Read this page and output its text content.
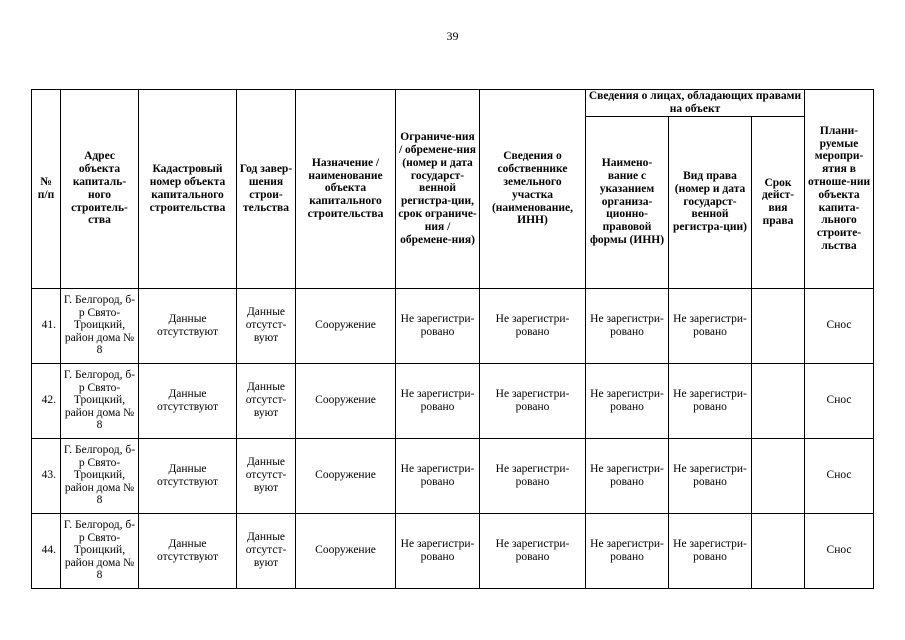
39
№ п/п	Адрес объекта капиталь-ного строитель-ства	Кадастровый номер объекта капитального строительства	Год завер-шения строи-тельства	Назначение / наименование объекта капитального строительства	Ограниче-ния / обремене-ния (номер и дата государст-венной регистра-ции, срок ограниче-ния / обремене-ния)	Сведения о собственнике земельного участка (наименование, ИНН)	Сведения о лицах, обладающих правами на объект			Плани-руемые меропри-ятия в отноше-нии объекта капита-льного строите-льства
							Наимено-вание с указанием организа-ционно-правовой формы (ИНН)	Вид права (номер и дата государст-венной регистра-ции)	Срок дейст-вия права	
41.	Г. Белгород, б-р Свято-Троицкий, район дома № 8	Данные отсутствуют	Данные отсутст-вуют	Сооружение	Не зарегистри-ровано	Не зарегистри-ровано	Не зарегистри-ровано	Не зарегистри-ровано		Снос
42.	Г. Белгород, б-р Свято-Троицкий, район дома № 8	Данные отсутствуют	Данные отсутст-вуют	Сооружение	Не зарегистри-ровано	Не зарегистри-ровано	Не зарегистри-ровано	Не зарегистри-ровано		Снос
43.	Г. Белгород, б-р Свято-Троицкий, район дома № 8	Данные отсутствуют	Данные отсутст-вуют	Сооружение	Не зарегистри-ровано	Не зарегистри-ровано	Не зарегистри-ровано	Не зарегистри-ровано		Снос
44.	Г. Белгород, б-р Свято-Троицкий, район дома № 8	Данные отсутствуют	Данные отсутст-вуют	Сооружение	Не зарегистри-ровано	Не зарегистри-ровано	Не зарегистри-ровано	Не зарегистри-ровано		Снос
